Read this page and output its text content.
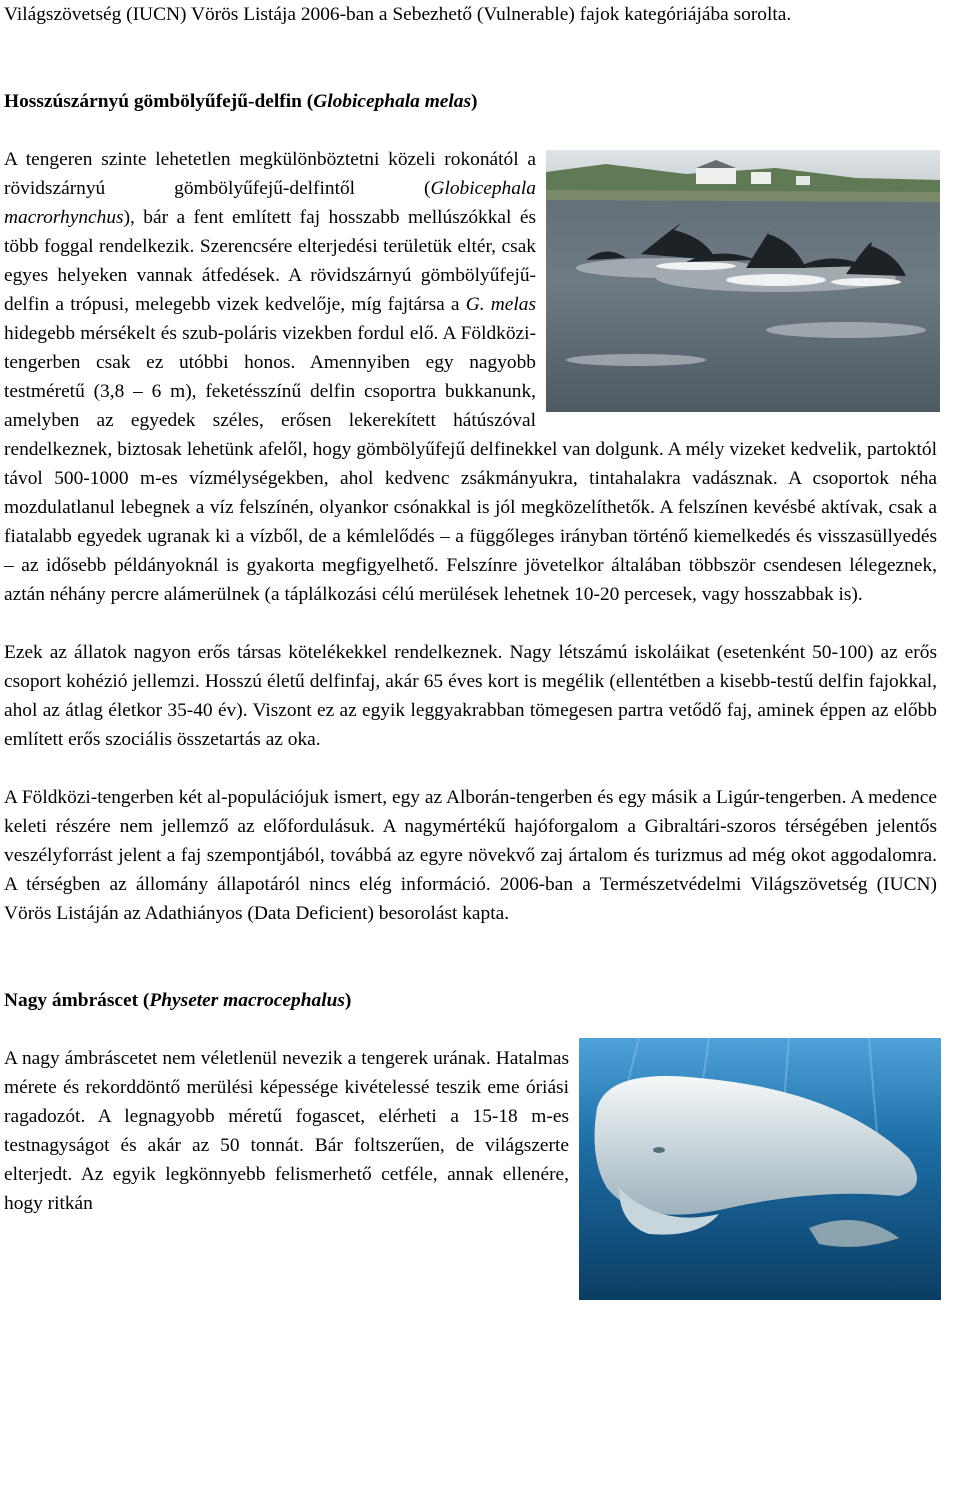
Világszövetség (IUCN) Vörös Listája 2006-ban a Sebezhető (Vulnerable) fajok kategóriájába sorolta.

Hosszúszárnyú gömbölyűfejű-delfin (Globicephala melas)

A tengeren szinte lehetetlen megkülönböztetni közeli rokonától a rövidszárnyú gömbölyűfejű-delfintől (Globicephala macrorhynchus), bár a fent említett faj hosszabb mellúszókkal és több foggal rendelkezik. Szerencsére elterjedési területük eltér, csak egyes helyeken vannak átfedések. A rövidszárnyú gömbölyűfejű-delfin a trópusi, melegebb vizek kedvelője, míg fajtársa a G. melas hidegebb mérsékelt és szub-poláris vizekben fordul elő. A Földközi-tengerben csak ez utóbbi honos. Amennyiben egy nagyobb testméretű (3,8 – 6 m), feketésszínű delfin csoportra bukkanunk, amelyben az egyedek széles, erősen lekerekített hátúszóval rendelkeznek, biztosak lehetünk afelől, hogy gömbölyűfejű delfinekkel van dolgunk. A mély vizeket kedvelik, partoktól távol 500-1000 m-es vízmélységekben, ahol kedvenc zsákmányukra, tintahalakra vadásznak. A csoportok néha mozdulatlanul lebegnek a víz felszínén, olyankor csónakkal is jól megközelíthetők. A felszínen kevésbé aktívak, csak a fiatalabb egyedek ugranak ki a vízből, de a kémlelődés – a függőleges irányban történő kiemelkedés és visszasüllyedés – az idősebb példányoknál is gyakorta megfigyelhető. Felszínre jövetelkor általában többször csendesen lélegeznek, aztán néhány percre alámerülnek (a táplálkozási célú merülések lehetnek 10-20 percesek, vagy hosszabbak is).

Ezek az állatok nagyon erős társas kötelékekkel rendelkeznek. Nagy létszámú iskoláikat (esetenként 50-100) az erős csoport kohézió jellemzi. Hosszú életű delfinfaj, akár 65 éves kort is megélik (ellentétben a kisebb-testű delfin fajokkal, ahol az átlag életkor 35-40 év). Viszont ez az egyik leggyakrabban tömegesen partra vetődő faj, aminek éppen az előbb említett erős szociális összetartás az oka.

A Földközi-tengerben két al-populációjuk ismert, egy az Alborán-tengerben és egy másik a Ligúr-tengerben. A medence keleti részére nem jellemző az előfordulásuk. A nagymértékű hajóforgalom a Gibraltári-szoros térségében jelentős veszélyforrást jelent a faj szempontjából, továbbá az egyre növekvő zaj ártalom és turizmus ad még okot aggodalomra. A térségben az állomány állapotáról nincs elég információ. 2006-ban a Természetvédelmi Világszövetség (IUCN) Vörös Listáján az Adathiányos (Data Deficient) besorolást kapta.

Nagy ámbráscet (Physeter macrocephalus)

A nagy ámbráscetet nem véletlenül nevezik a tengerek urának. Hatalmas mérete és rekorddöntő merülési képessége kivételessé teszik eme óriási ragadozót. A legnagyobb méretű fogascet, elérheti a 15-18 m-es testnagyságot és akár az 50 tonnát. Bár foltszerűen, de világszerte elterjedt. Az egyik legkönnyebb felismerhető cetféle, annak ellenére, hogy ritkán
